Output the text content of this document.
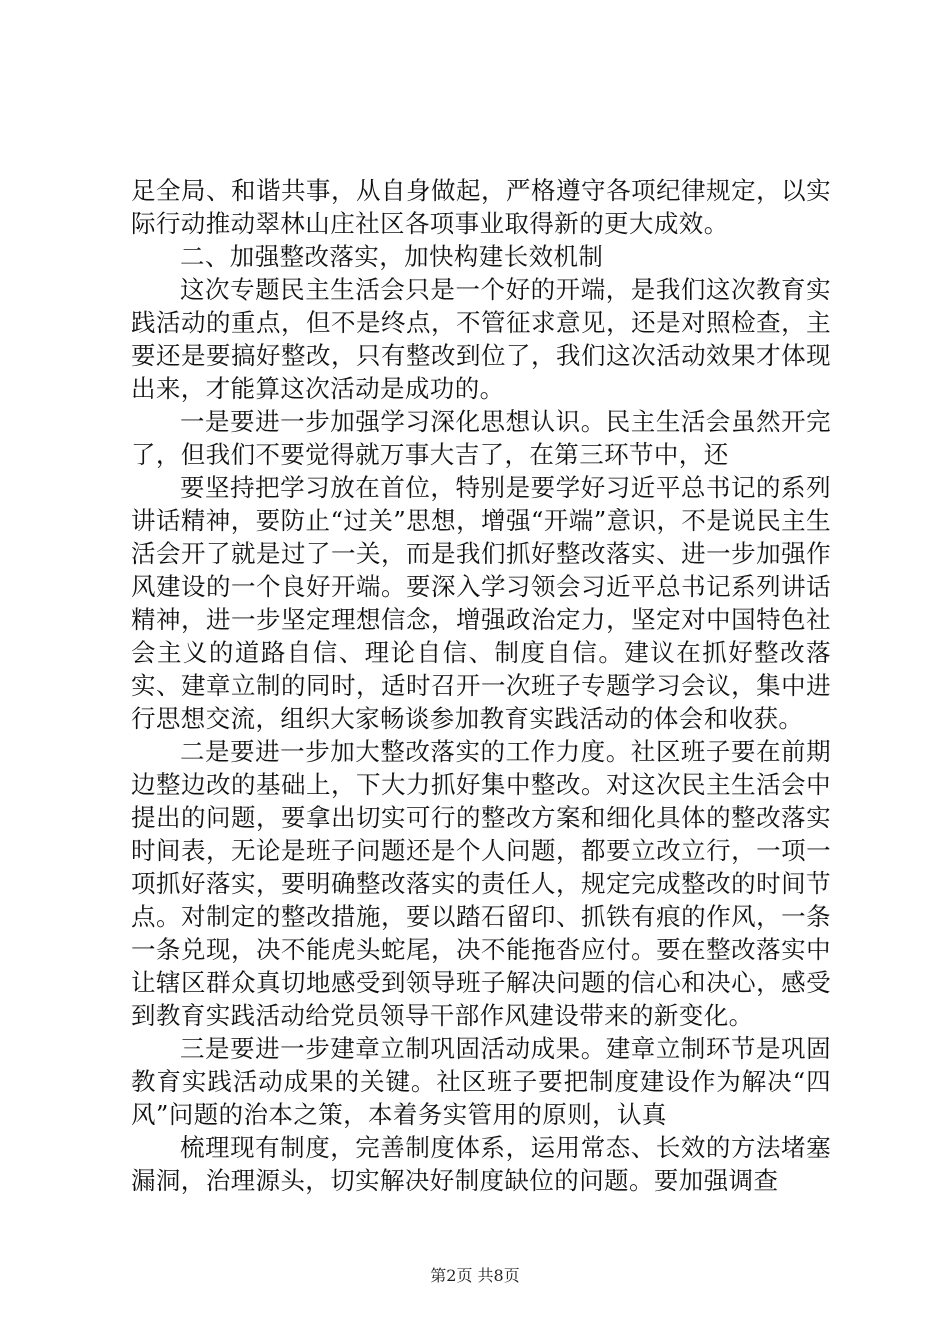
足全局、和谐共事，从自身做起，严格遵守各项纪律规定，以实际行动推动翠林山庄社区各项事业取得新的更大成效。

二、加强整改落实，加快构建长效机制

这次专题民主生活会只是一个好的开端，是我们这次教育实践活动的重点，但不是终点，不管征求意见，还是对照检查，主要还是要搞好整改，只有整改到位了，我们这次活动效果才体现出来，才能算这次活动是成功的。

一是要进一步加强学习深化思想认识。民主生活会虽然开完了，但我们不要觉得就万事大吉了，在第三环节中，还

要坚持把学习放在首位，特别是要学好习近平总书记的系列讲话精神，要防止“过关”思想，增强“开端”意识，不是说民主生活会开了就是过了一关，而是我们抓好整改落实、进一步加强作风建设的一个良好开端。要深入学习领会习近平总书记系列讲话精神，进一步坚定理想信念，增强政治定力，坚定对中国特色社会主义的道路自信、理论自信、制度自信。建议在抓好整改落实、建章立制的同时，适时召开一次班子专题学习会议，集中进行思想交流，组织大家畅谈参加教育实践活动的体会和收获。

二是要进一步加大整改落实的工作力度。社区班子要在前期边整边改的基础上，下大力抓好集中整改。对这次民主生活会中提出的问题，要拿出切实可行的整改方案和细化具体的整改落实时间表，无论是班子问题还是个人问题，都要立改立行，一项一项抓好落实，要明确整改落实的责任人，规定完成整改的时间节点。对制定的整改措施，要以踏石留印、抓铁有痕的作风，一条一条兑现，决不能虎头蛇尾，决不能拖沓应付。要在整改落实中让辖区群众真切地感受到领导班子解决问题的信心和决心，感受到教育实践活动给党员领导干部作风建设带来的新变化。

三是要进一步建章立制巩固活动成果。建章立制环节是巩固教育实践活动成果的关键。社区班子要把制度建设作为解决“四风”问题的治本之策，本着务实管用的原则，认真

梳理现有制度，完善制度体系，运用常态、长效的方法堵塞漏洞，治理源头，切实解决好制度缺位的问题。要加强调查

第2页 共8页
